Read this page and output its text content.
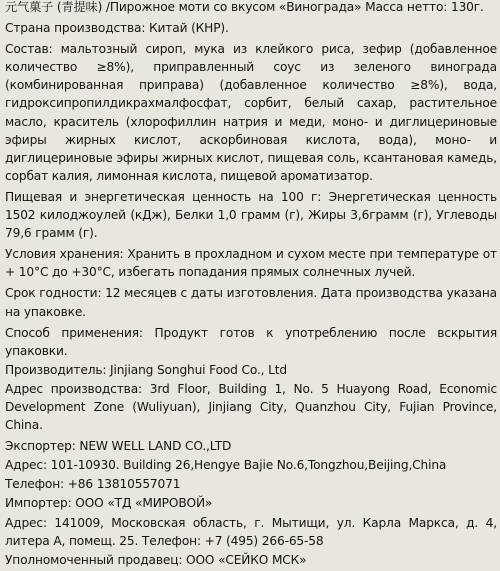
元气菓子 (青提味) /Пирожное моти со вкусом «Винограда» Масса нетто: 130г.
Страна производства: Китай (КНР).
Состав: мальтозный сироп, мука из клейкого риса, зефир (добавленное количество ≥8%), приправленный соус из зеленого винограда (комбинированная приправа) (добавленное количество ≥8%), вода, гидроксипропилдикрахмалфосфат, сорбит, белый сахар, растительное масло, краситель (хлорофиллин натрия и меди, моно- и диглицериновые эфиры жирных кислот, аскорбиновая кислота, вода), моно- и диглицериновые эфиры жирных кислот, пищевая соль, ксантановая камедь, сорбат калия, лимонная кислота, пищевой ароматизатор.
Пищевая и энергетическая ценность на 100 г: Энергетическая ценность 1502 килоджоулей (кДж), Белки 1,0 грамм (г), Жиры 3,6грамм (г), Углеводы 79,6 грамм (г).
Условия хранения: Хранить в прохладном и сухом месте при температуре от + 10°С до +30°С, избегать попадания прямых солнечных лучей.
Срок годности: 12 месяцев с даты изготовления. Дата производства указана на упаковке.
Способ применения: Продукт готов к употреблению после вскрытия упаковки.
Производитель: Jinjiang Songhui Food Co., Ltd
Адрес производства: 3rd Floor, Building 1, No. 5 Huayong Road, Economic Development Zone (Wuliyuan), Jinjiang City, Quanzhou City, Fujian Province, China.
Экспортер: NEW WELL LAND CO.,LTD
Адрес: 101-10930. Building 26,Hengye Bajie No.6,Tongzhou,Beijing,China
Телефон: +86 13810557071
Импортер: ООО «ТД «МИРОВОЙ»
Адрес: 141009, Московская область, г. Мытищи, ул. Карла Маркса, д. 4, литера А, помещ. 25. Телефон: +7 (495) 266-65-58
Уполномоченный продавец: ООО «СЕЙКО МСК»
